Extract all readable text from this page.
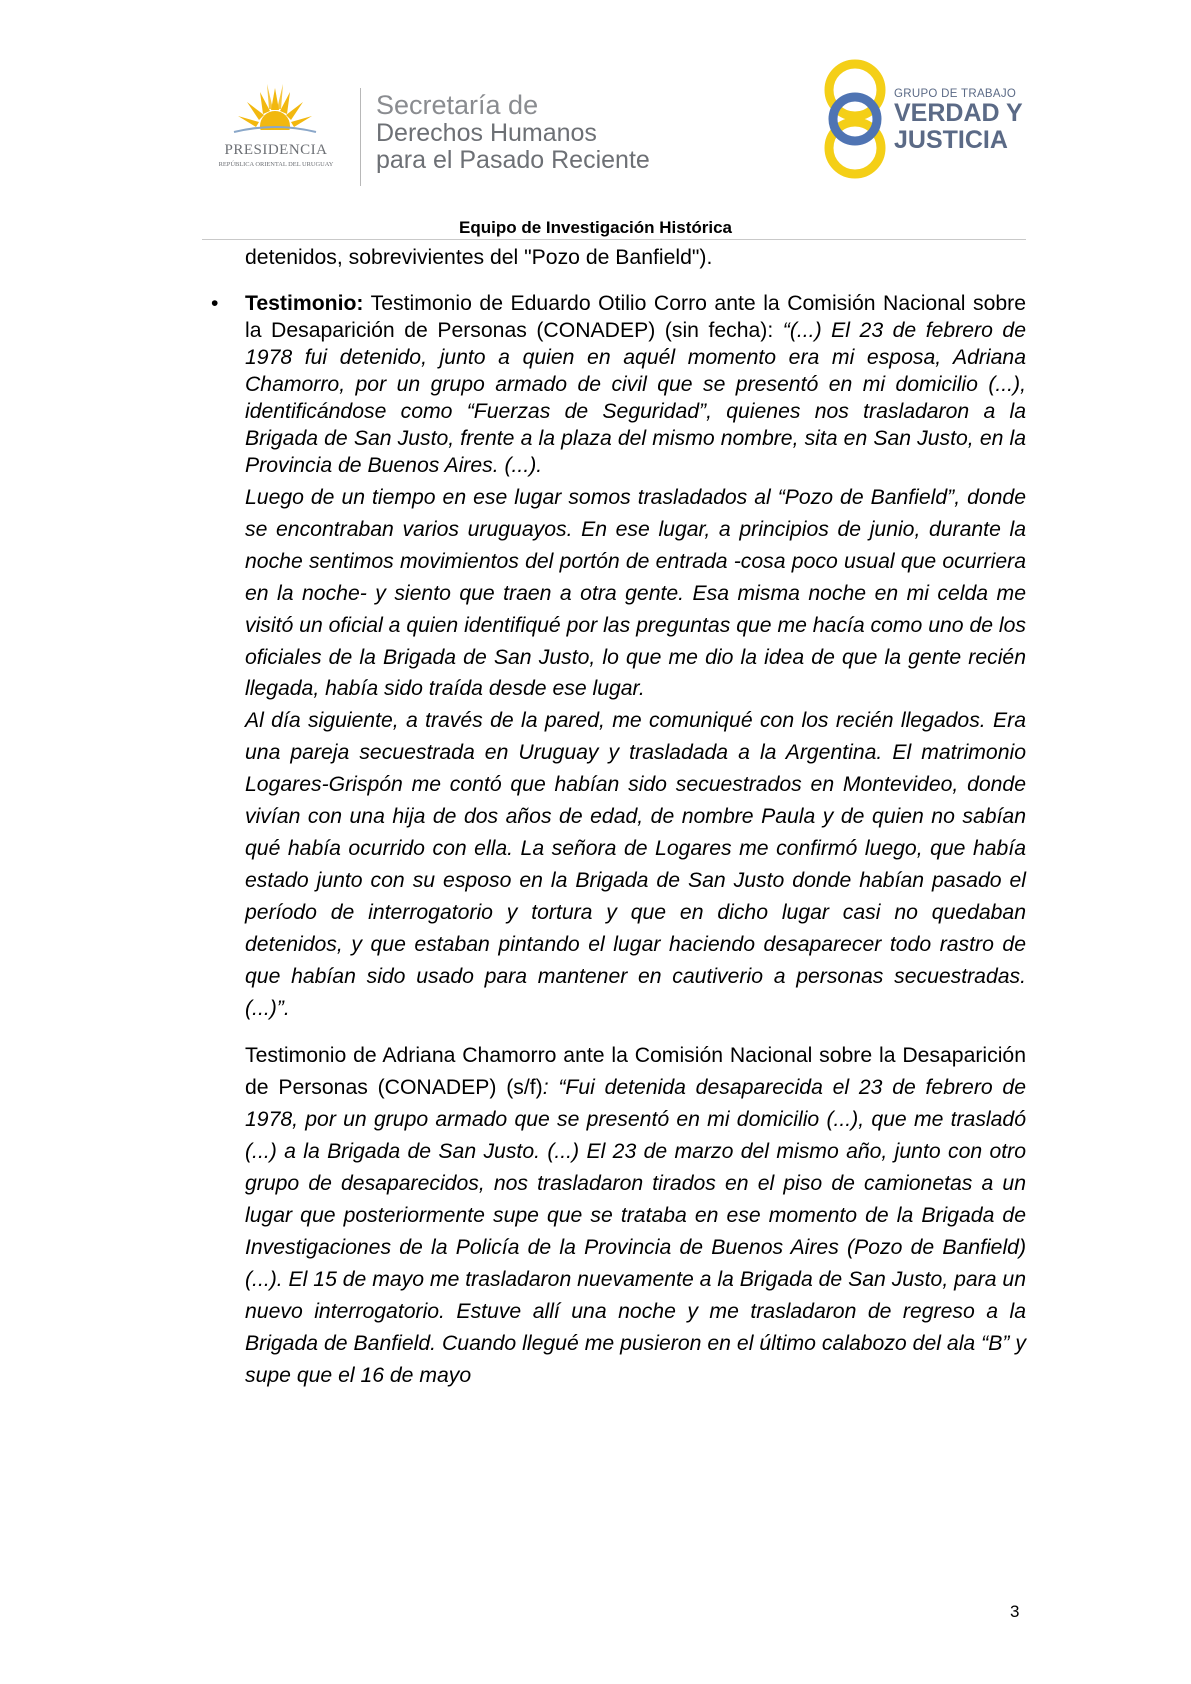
PRESIDENCIA
REPÚBLICA ORIENTAL DEL URUGUAY
Secretaría de
Derechos Humanos
para el Pasado Reciente
GRUPO DE TRABAJO
VERDAD Y
JUSTICIA
Equipo de Investigación Histórica

detenidos, sobrevivientes del "Pozo de Banfield").

• Testimonio: Testimonio de Eduardo Otilio Corro ante la Comisión Nacional sobre la Desaparición de Personas (CONADEP) (sin fecha): “(...) El 23 de febrero de 1978 fui detenido, junto a quien en aquél momento era mi esposa, Adriana Chamorro, por un grupo armado de civil que se presentó en mi domicilio (...), identificándose como “Fuerzas de Seguridad”, quienes nos trasladaron a la Brigada de San Justo, frente a la plaza del mismo nombre, sita en San Justo, en la Provincia de Buenos Aires. (...).

Luego de un tiempo en ese lugar somos trasladados al “Pozo de Banfield”, donde se encontraban varios uruguayos. En ese lugar, a principios de junio, durante la noche sentimos movimientos del portón de entrada -cosa poco usual que ocurriera en la noche- y siento que traen a otra gente. Esa misma noche en mi celda me visitó un oficial a quien identifiqué por las preguntas que me hacía como uno de los oficiales de la Brigada de San Justo, lo que me dio la idea de que la gente recién llegada, había sido traída desde ese lugar.

Al día siguiente, a través de la pared, me comuniqué con los recién llegados. Era una pareja secuestrada en Uruguay y trasladada a la Argentina. El matrimonio Logares-Grispón me contó que habían sido secuestrados en Montevideo, donde vivían con una hija de dos años de edad, de nombre Paula y de quien no sabían qué había ocurrido con ella. La señora de Logares me confirmó luego, que había estado junto con su esposo en la Brigada de San Justo donde habían pasado el período de interrogatorio y tortura y que en dicho lugar casi no quedaban detenidos, y que estaban pintando el lugar haciendo desaparecer todo rastro de que habían sido usado para mantener en cautiverio a personas secuestradas. (...)”.

Testimonio de Adriana Chamorro ante la Comisión Nacional sobre la Desaparición de Personas (CONADEP) (s/f): “Fui detenida desaparecida el 23 de febrero de 1978, por un grupo armado que se presentó en mi domicilio (...), que me trasladó (...) a la Brigada de San Justo. (...) El 23 de marzo del mismo año, junto con otro grupo de desaparecidos, nos trasladaron tirados en el piso de camionetas a un lugar que posteriormente supe que se trataba en ese momento de la Brigada de Investigaciones de la Policía de la Provincia de Buenos Aires (Pozo de Banfield) (...). El 15 de mayo me trasladaron nuevamente a la Brigada de San Justo, para un nuevo interrogatorio. Estuve allí una noche y me trasladaron de regreso a la Brigada de Banfield. Cuando llegué me pusieron en el último calabozo del ala “B” y supe que el 16 de mayo

3
